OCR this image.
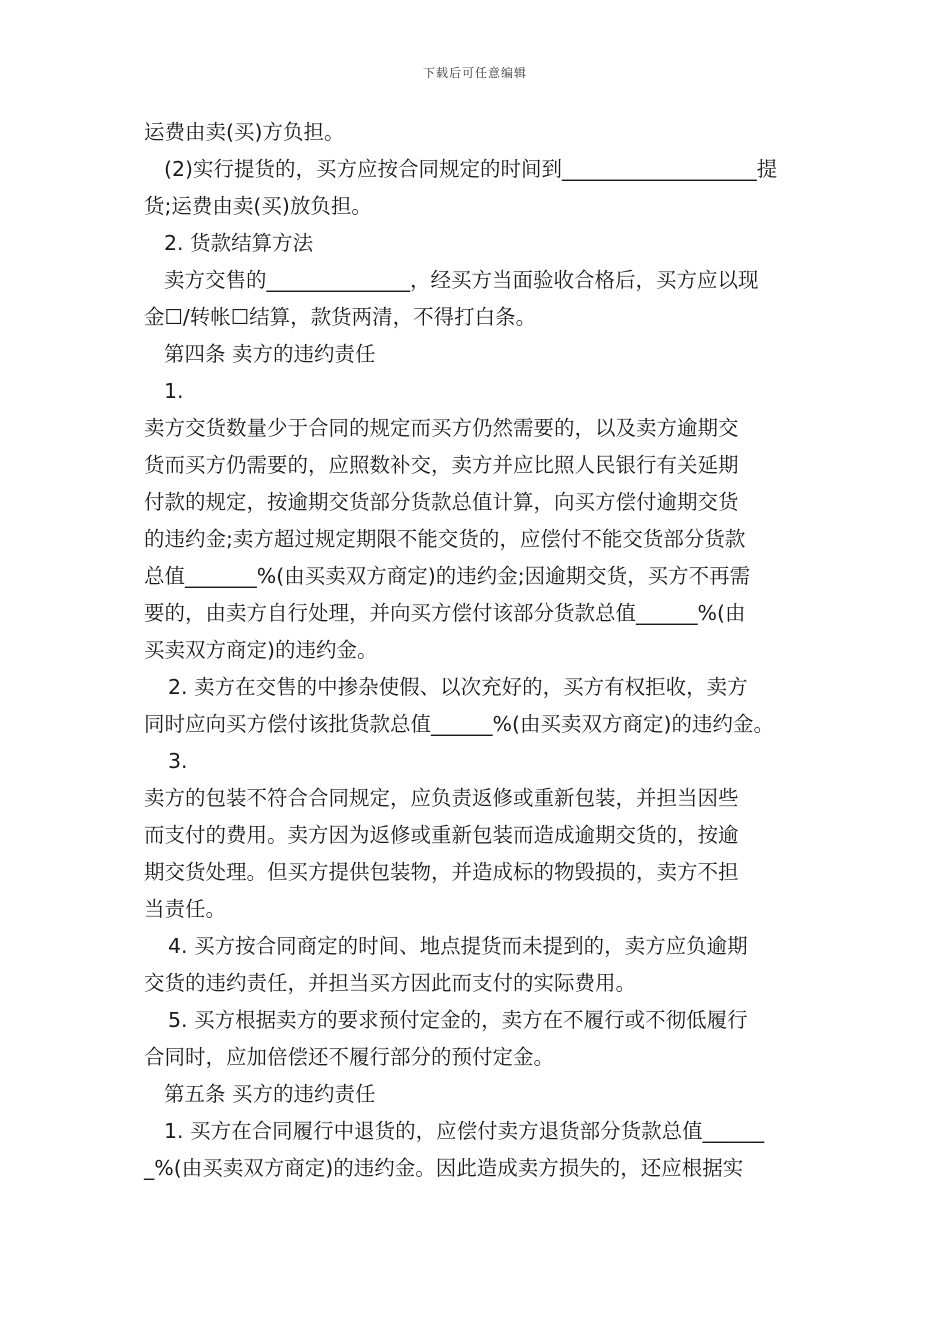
下载后可任意编辑

运费由卖(买)方负担。

(2)实行提货的，买方应按合同规定的时间到___________________提

货;运费由卖(买)放负担。

2. 货款结算方法

卖方交售的______________，经买方当面验收合格后，买方应以现

金☐/转帐☐结算，款货两清，不得打白条。

第四条 卖方的违约责任

1.

卖方交货数量少于合同的规定而买方仍然需要的，以及卖方逾期交

货而买方仍需要的，应照数补交，卖方并应比照人民银行有关延期

付款的规定，按逾期交货部分货款总值计算，向买方偿付逾期交货

的违约金;卖方超过规定期限不能交货的，应偿付不能交货部分货款

总值_______%(由买卖双方商定)的违约金;因逾期交货，买方不再需

要的，由卖方自行处理，并向买方偿付该部分货款总值______%(由

买卖双方商定)的违约金。

2. 卖方在交售的中掺杂使假、以次充好的，买方有权拒收，卖方

同时应向买方偿付该批货款总值______%(由买卖双方商定)的违约金。

3.

卖方的包装不符合合同规定，应负责返修或重新包装，并担当因些

而支付的费用。卖方因为返修或重新包装而造成逾期交货的，按逾

期交货处理。但买方提供包装物，并造成标的物毁损的，卖方不担

当责任。

4. 买方按合同商定的时间、地点提货而未提到的，卖方应负逾期

交货的违约责任，并担当买方因此而支付的实际费用。

5. 买方根据卖方的要求预付定金的，卖方在不履行或不彻低履行

合同时，应加倍偿还不履行部分的预付定金。

第五条 买方的违约责任

1. 买方在合同履行中退货的，应偿付卖方退货部分货款总值______

_%(由买卖双方商定)的违约金。因此造成卖方损失的，还应根据实
